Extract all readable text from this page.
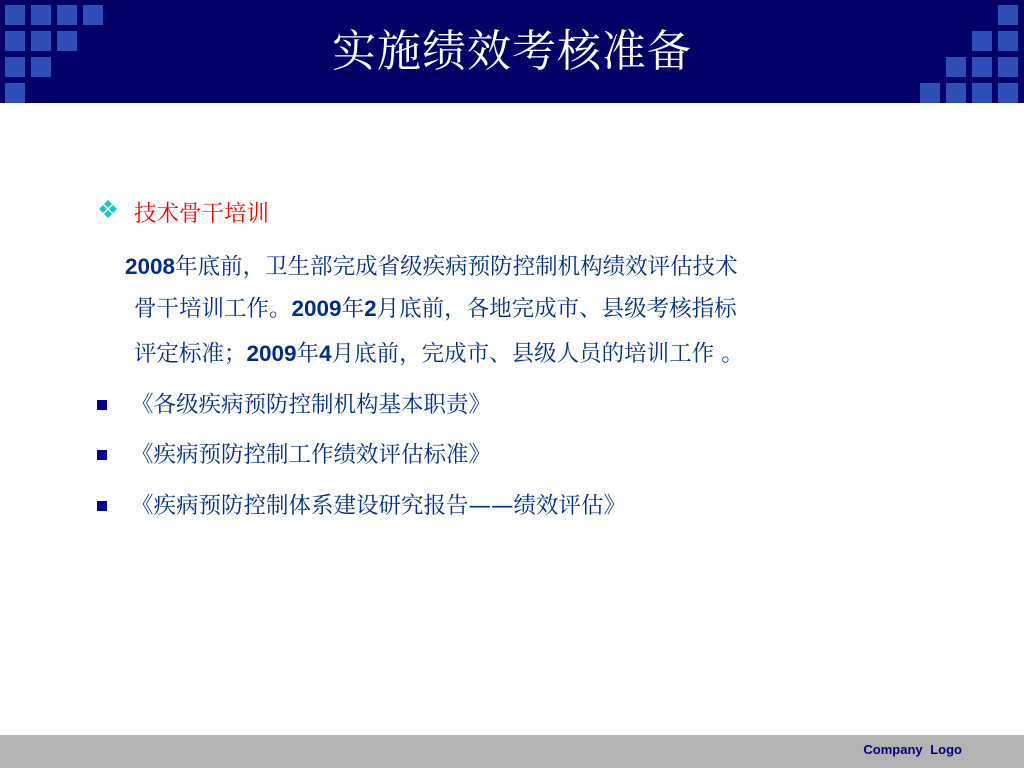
实施绩效考核准备
技术骨干培训
2008年底前，卫生部完成省级疾病预防控制机构绩效评估技术
骨干培训工作。2009年2月底前，各地完成市、县级考核指标
评定标准；2009年4月底前，完成市、县级人员的培训工作 。
《各级疾病预防控制机构基本职责》
《疾病预防控制工作绩效评估标准》
《疾病预防控制体系建设研究报告——绩效评估》
Company Logo
